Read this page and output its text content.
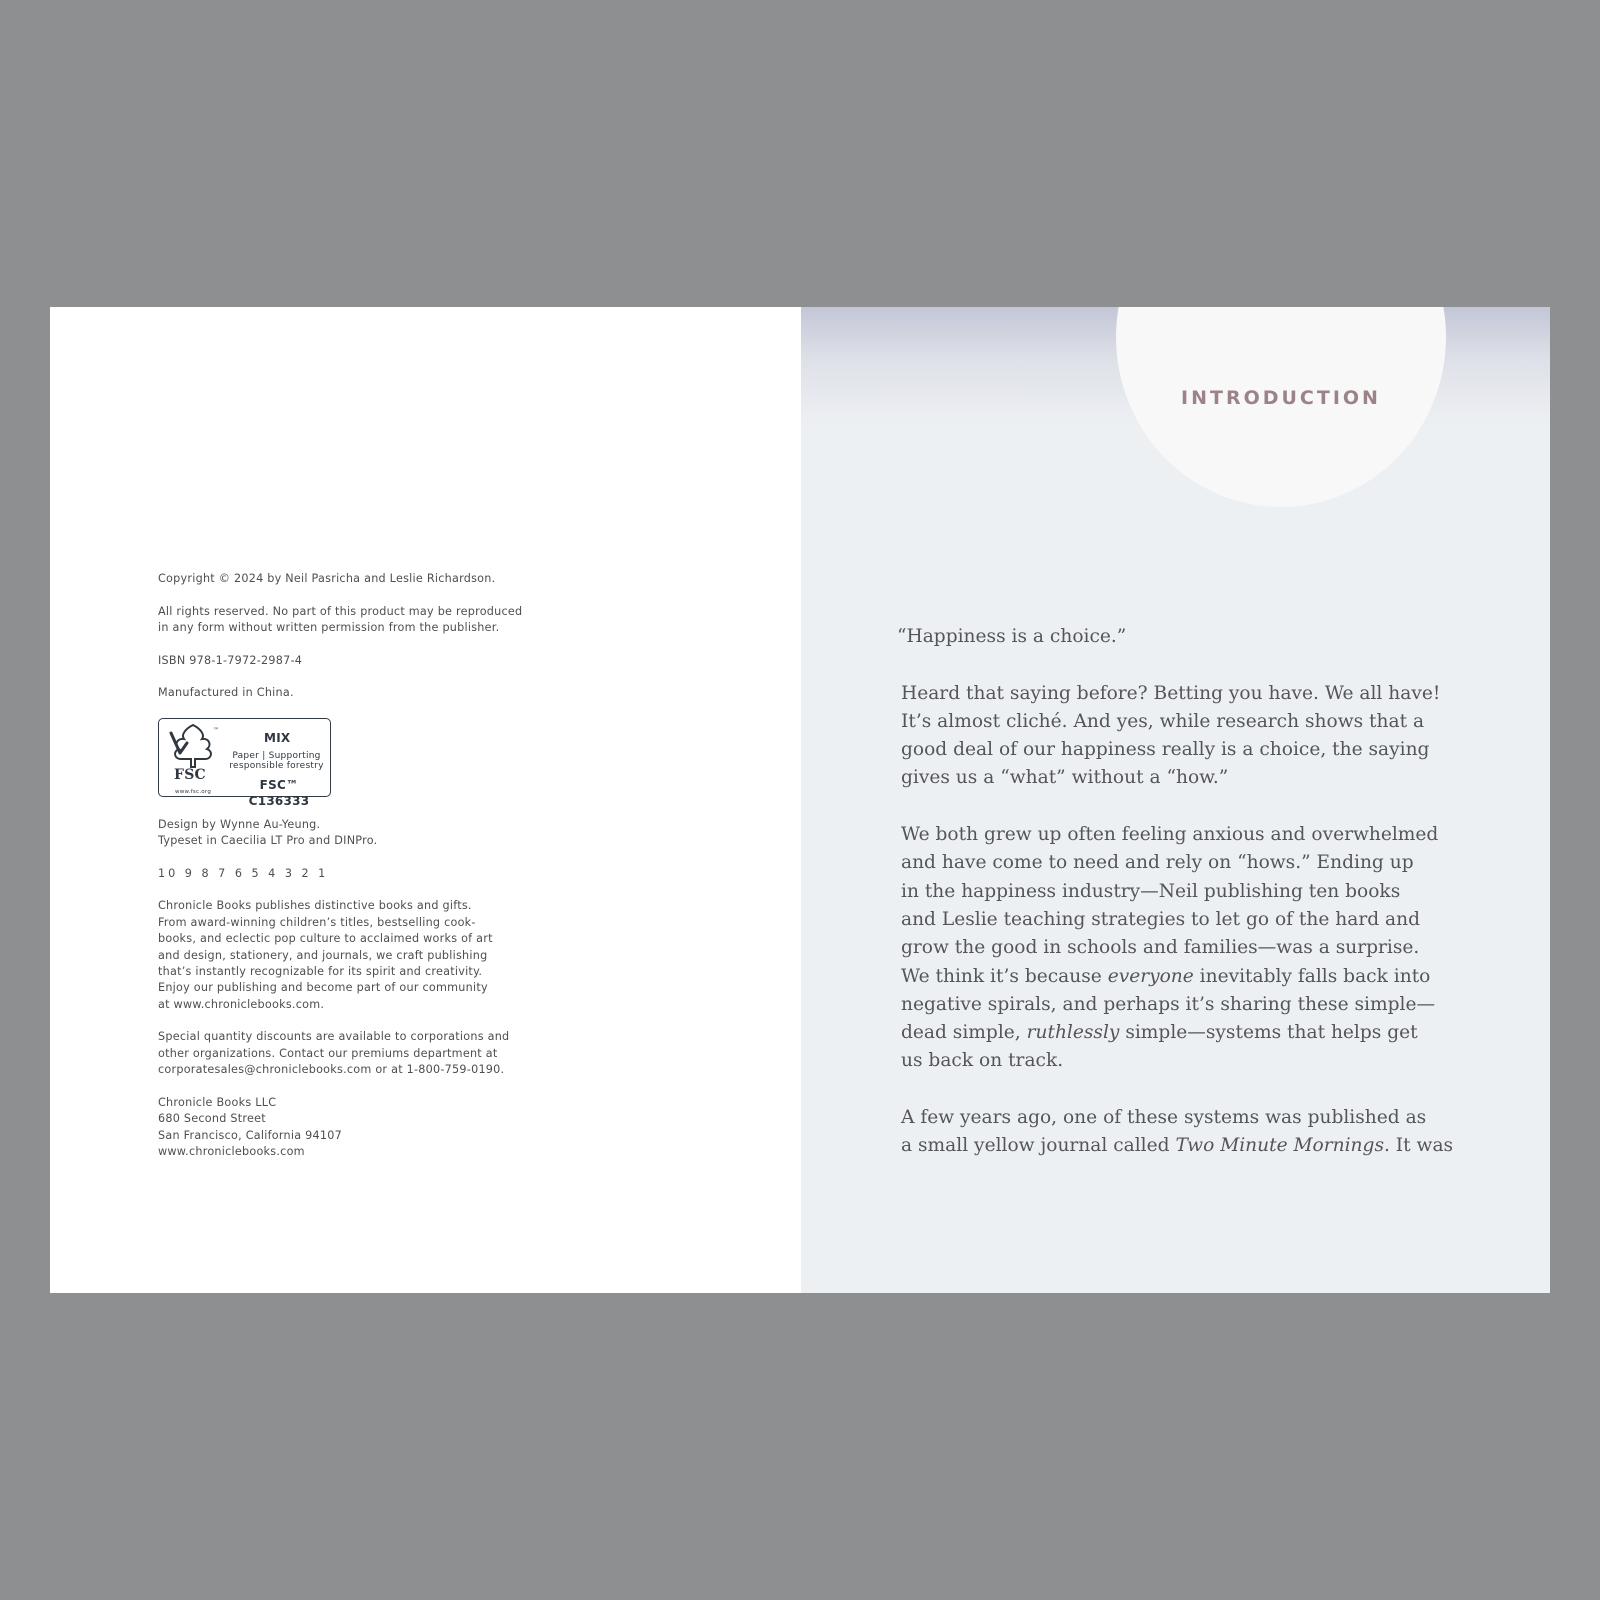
Copyright © 2024 by Neil Pasricha and Leslie Richardson.

All rights reserved. No part of this product may be reproduced
in any form without written permission from the publisher.

ISBN 978-1-7972-2987-4

Manufactured in China.

™
FSC
www.fsc.org
MIX
Paper | Supporting
responsible forestry
FSC™ C136333

Design by Wynne Au-Yeung.
Typeset in Caecilia LT Pro and DINPro.

10 9 8 7 6 5 4 3 2 1

Chronicle Books publishes distinctive books and gifts.
From award-winning children’s titles, bestselling cook-
books, and eclectic pop culture to acclaimed works of art
and design, stationery, and journals, we craft publishing
that’s instantly recognizable for its spirit and creativity.
Enjoy our publishing and become part of our community
at www.chroniclebooks.com.

Special quantity discounts are available to corporations and
other organizations. Contact our premiums department at
corporatesales@chroniclebooks.com or at 1-800-759-0190.

Chronicle Books LLC
680 Second Street
San Francisco, California 94107
www.chroniclebooks.com

INTRODUCTION

“Happiness is a choice.”

Heard that saying before? Betting you have. We all have!
It’s almost cliché. And yes, while research shows that a
good deal of our happiness really is a choice, the saying
gives us a “what” without a “how.”

We both grew up often feeling anxious and overwhelmed
and have come to need and rely on “hows.” Ending up
in the happiness industry—Neil publishing ten books
and Leslie teaching strategies to let go of the hard and
grow the good in schools and families—was a surprise.
We think it’s because everyone inevitably falls back into
negative spirals, and perhaps it’s sharing these simple—
dead simple, ruthlessly simple—systems that helps get
us back on track.

A few years ago, one of these systems was published as
a small yellow journal called Two Minute Mornings. It was
